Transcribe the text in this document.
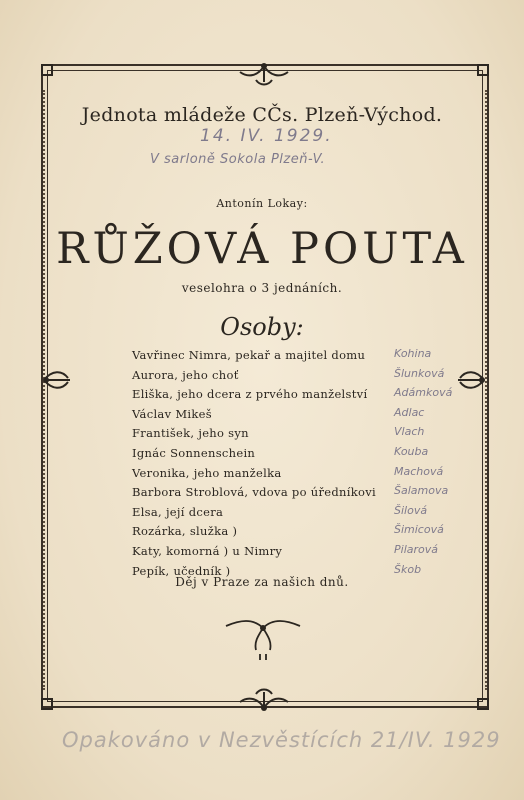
Jednota mládeže CČs. Plzeň-Východ.
14. IV. 1929.
V sarloně Sokola Plzeň-V.
Antonín Lokay:
RŮŽOVÁ POUTA
veselohra o 3 jednáních.
Osoby:
Vavřinec Nimra, pekař a majitel domu
Aurora, jeho choť
Eliška, jeho dcera z prvého manželství
Václav Mikeš
František, jeho syn
Ignác Sonnenschein
Veronika, jeho manželka
Barbora Stroblová, vdova po úředníkovi
Elsa, její dcera
Rozárka, služka )
Katy, komorná ) u Nimry
Pepík, učedník )
Kohina
Šlunková
Adámková
Adlac
Vlach
Kouba
Machová
Šalamova
Šilová
Šimicová
Pilarová
Škob
Děj v Praze za našich dnů.
Opakováno v Nezvěstících 21/IV. 1929
